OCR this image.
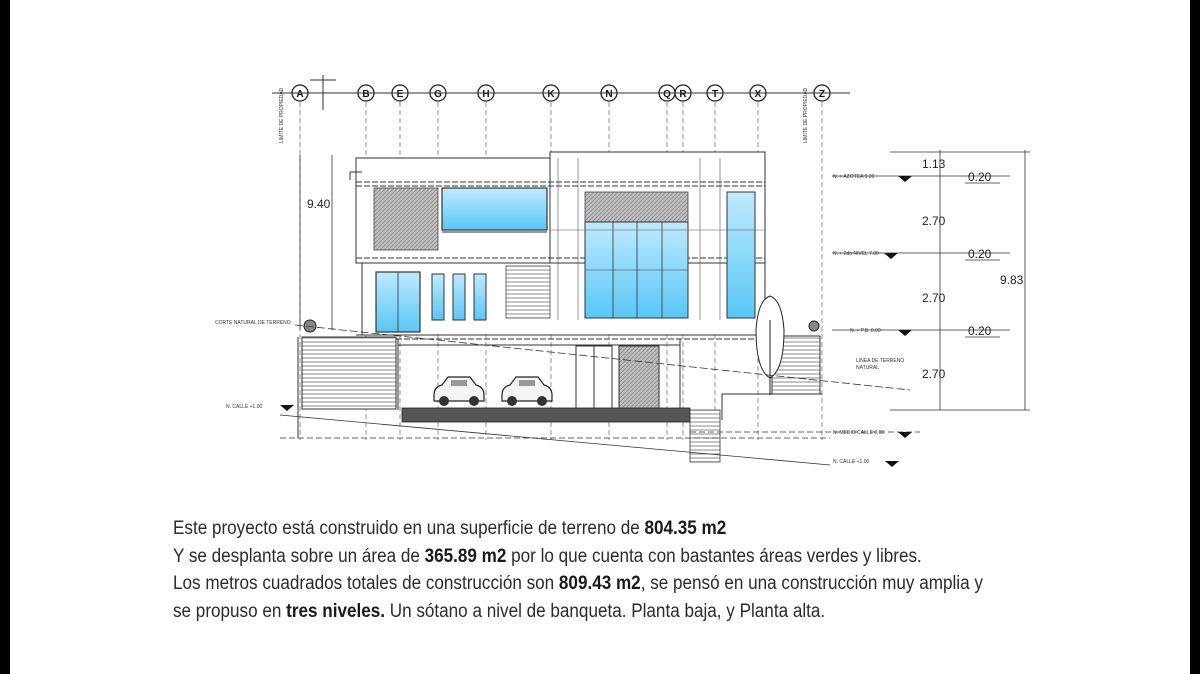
A	B	E	G	H	K	N	Q R	T	X	Z
LIMITE DE PROPIEDAD	LIMITE DE PROPIEDAD
9.40
1.13
2.70
2.70
2.70
0.20
0.20
0.20
9.83
N. + AZOTEA 9.20
N. + 2do NIVEL 7.00
N. + P.B. 0.00
N. MEDIO CALLE 0.00
N. CALLE +1.00
N. CALLE +1.00
CORTE NATURAL DE TERRENO
LINEA DE TERRENO
NATURAL

Este proyecto está construido en una superficie de terreno de 804.35 m2

Y se desplanta sobre un área de 365.89 m2 por lo que cuenta con bastantes áreas verdes y libres.

Los metros cuadrados totales de construcción son 809.43 m2, se pensó en una construcción muy amplia y

se propuso en tres niveles. Un sótano a nivel de banqueta. Planta baja, y Planta alta.
